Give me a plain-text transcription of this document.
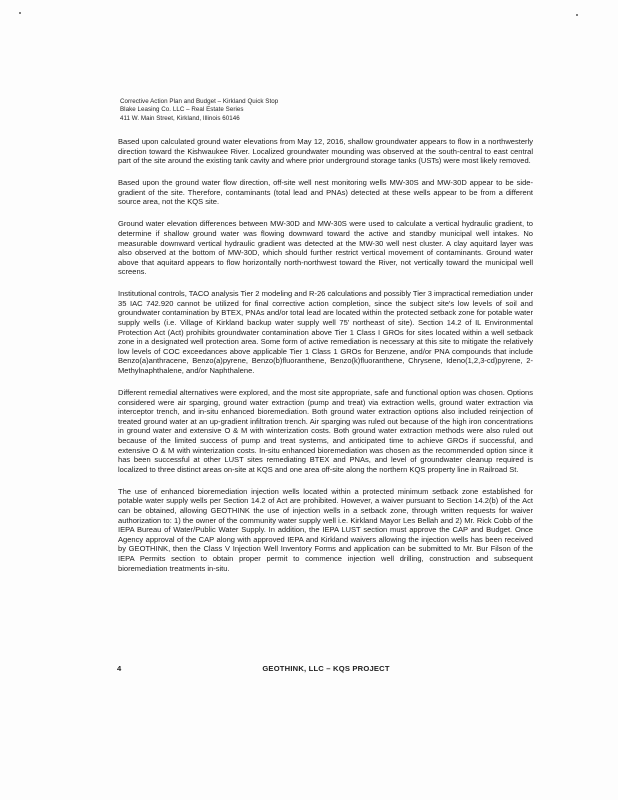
Corrective Action Plan and Budget – Kirkland Quick Stop
Blake Leasing Co. LLC – Real Estate Series
411 W. Main Street, Kirkland, Illinois 60146

Based upon calculated ground water elevations from May 12, 2016, shallow groundwater appears to flow in a northwesterly direction toward the Kishwaukee River. Localized groundwater mounding was observed at the south-central to east central part of the site around the existing tank cavity and where prior underground storage tanks (USTs) were most likely removed.

Based upon the ground water flow direction, off-site well nest monitoring wells MW-30S and MW-30D appear to be side-gradient of the site. Therefore, contaminants (total lead and PNAs) detected at these wells appear to be from a different source area, not the KQS site.

Ground water elevation differences between MW-30D and MW-30S were used to calculate a vertical hydraulic gradient, to determine if shallow ground water was flowing downward toward the active and standby municipal well intakes. No measurable downward vertical hydraulic gradient was detected at the MW-30 well nest cluster. A clay aquitard layer was also observed at the bottom of MW-30D, which should further restrict vertical movement of contaminants. Ground water above that aquitard appears to flow horizontally north-northwest toward the River, not vertically toward the municipal well screens.

Institutional controls, TACO analysis Tier 2 modeling and R-26 calculations and possibly Tier 3 impractical remediation under 35 IAC 742.920 cannot be utilized for final corrective action completion, since the subject site's low levels of soil and groundwater contamination by BTEX, PNAs and/or total lead are located within the protected setback zone for potable water supply wells (i.e. Village of Kirkland backup water supply well 75' northeast of site). Section 14.2 of IL Environmental Protection Act (Act) prohibits groundwater contamination above Tier 1 Class I GROs for sites located within a well setback zone in a designated well protection area. Some form of active remediation is necessary at this site to mitigate the relatively low levels of COC exceedances above applicable Tier 1 Class 1 GROs for Benzene, and/or PNA compounds that include Benzo(a)anthracene, Benzo(a)pyrene, Benzo(b)fluoranthene, Benzo(k)fluoranthene, Chrysene, Ideno(1,2,3-cd)pyrene, 2-Methylnaphthalene, and/or Naphthalene.

Different remedial alternatives were explored, and the most site appropriate, safe and functional option was chosen. Options considered were air sparging, ground water extraction (pump and treat) via extraction wells, ground water extraction via interceptor trench, and in-situ enhanced bioremediation. Both ground water extraction options also included reinjection of treated ground water at an up-gradient infiltration trench. Air sparging was ruled out because of the high iron concentrations in ground water and extensive O & M with winterization costs. Both ground water extraction methods were also ruled out because of the limited success of pump and treat systems, and anticipated time to achieve GROs if successful, and extensive O & M with winterization costs. In-situ enhanced bioremediation was chosen as the recommended option since it has been successful at other LUST sites remediating BTEX and PNAs, and level of groundwater cleanup required is localized to three distinct areas on-site at KQS and one area off-site along the northern KQS property line in Railroad St.

The use of enhanced bioremediation injection wells located within a protected minimum setback zone established for potable water supply wells per Section 14.2 of Act are prohibited. However, a waiver pursuant to Section 14.2(b) of the Act can be obtained, allowing GEOTHINK the use of injection wells in a setback zone, through written requests for waiver authorization to: 1) the owner of the community water supply well i.e. Kirkland Mayor Les Bellah and 2) Mr. Rick Cobb of the IEPA Bureau of Water/Public Water Supply. In addition, the IEPA LUST section must approve the CAP and Budget. Once Agency approval of the CAP along with approved IEPA and Kirkland waivers allowing the injection wells has been received by GEOTHINK, then the Class V Injection Well Inventory Forms and application can be submitted to Mr. Bur Filson of the IEPA Permits section to obtain proper permit to commence injection well drilling, construction and subsequent bioremediation treatments in-situ.

4	GEOTHINK, LLC – KQS PROJECT
